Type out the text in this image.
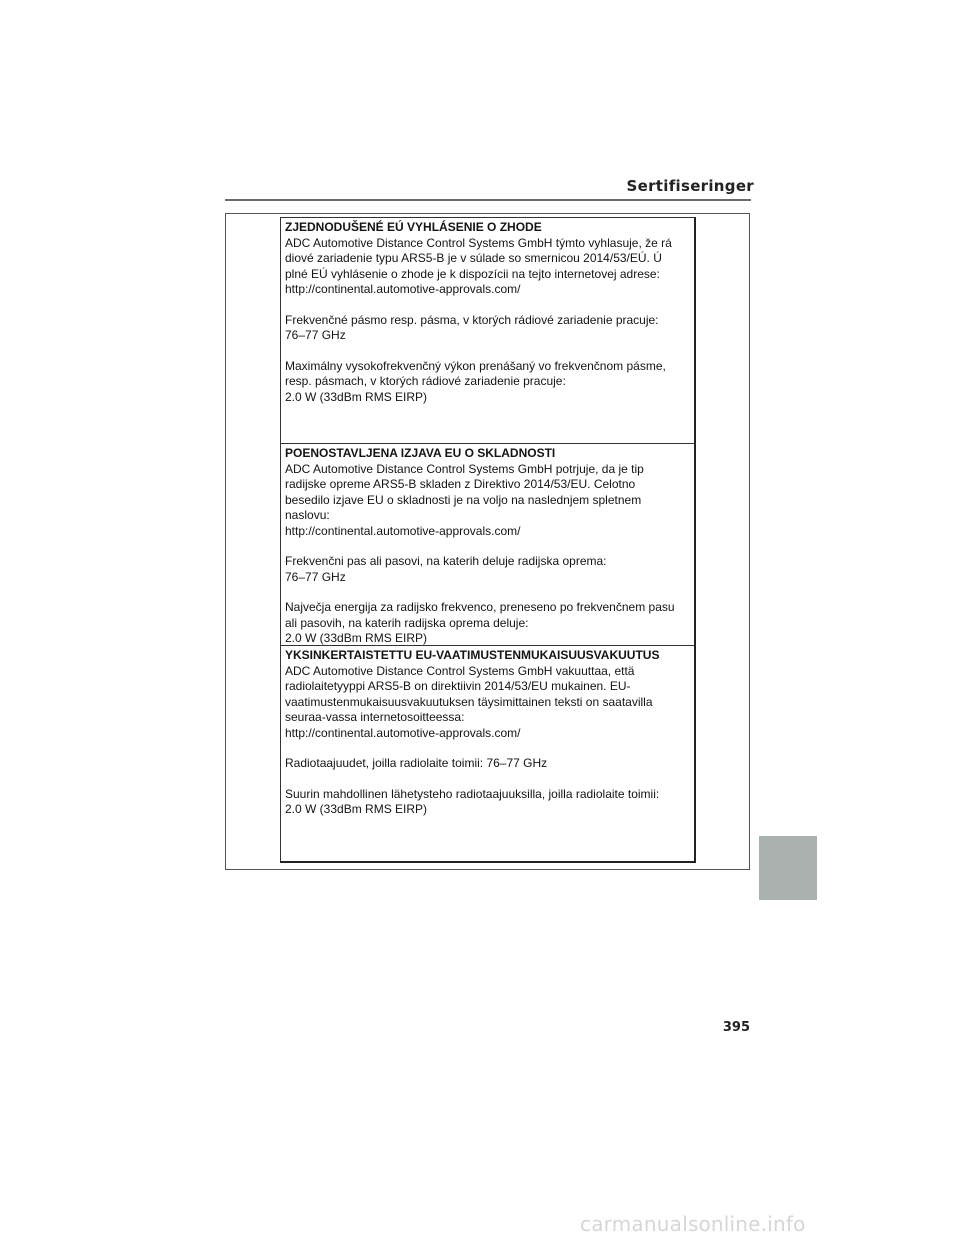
Sertifiseringer

ZJEDNODUŠENÉ EÚ VYHLÁSENIE O ZHODE

ADC Automotive Distance Control Systems GmbH týmto vyhlasuje, že rá

diové zariadenie typu ARS5-B je v súlade so smernicou 2014/53/EÚ. Ú

plné EÚ vyhlásenie o zhode je k dispozícii na tejto internetovej adrese:

http://continental.automotive-approvals.com/

Frekvenčné pásmo resp. pásma, v ktorých rádiové zariadenie pracuje:

76–77 GHz

Maximálny vysokofrekvenčný výkon prenášaný vo frekvenčnom pásme,

resp. pásmach, v ktorých rádiové zariadenie pracuje:

2.0 W (33dBm RMS EIRP)

POENOSTAVLJENA IZJAVA EU O SKLADNOSTI

ADC Automotive Distance Control Systems GmbH potrjuje, da je tip

radijske opreme ARS5-B skladen z Direktivo 2014/53/EU. Celotno

besedilo izjave EU o skladnosti je na voljo na naslednjem spletnem

naslovu:

http://continental.automotive-approvals.com/

Frekvenčni pas ali pasovi, na katerih deluje radijska oprema:

76–77 GHz

Največja energija za radijsko frekvenco, preneseno po frekvenčnem pasu

ali pasovih, na katerih radijska oprema deluje:

2.0 W (33dBm RMS EIRP)

YKSINKERTAISTETTU EU-VAATIMUSTENMUKAISUUSVAKUUTUS

ADC Automotive Distance Control Systems GmbH vakuuttaa, että

radiolaitetyyppi ARS5-B on direktiivin 2014/53/EU mukainen. EU-

vaatimustenmukaisuusvakuutuksen täysimittainen teksti on saatavilla

seuraa-vassa internetosoitteessa:

http://continental.automotive-approvals.com/

Radiotaajuudet, joilla radiolaite toimii: 76–77 GHz

Suurin mahdollinen lähetysteho radiotaajuuksilla, joilla radiolaite toimii:

2.0 W (33dBm RMS EIRP)

395
carmanualsonline.info
